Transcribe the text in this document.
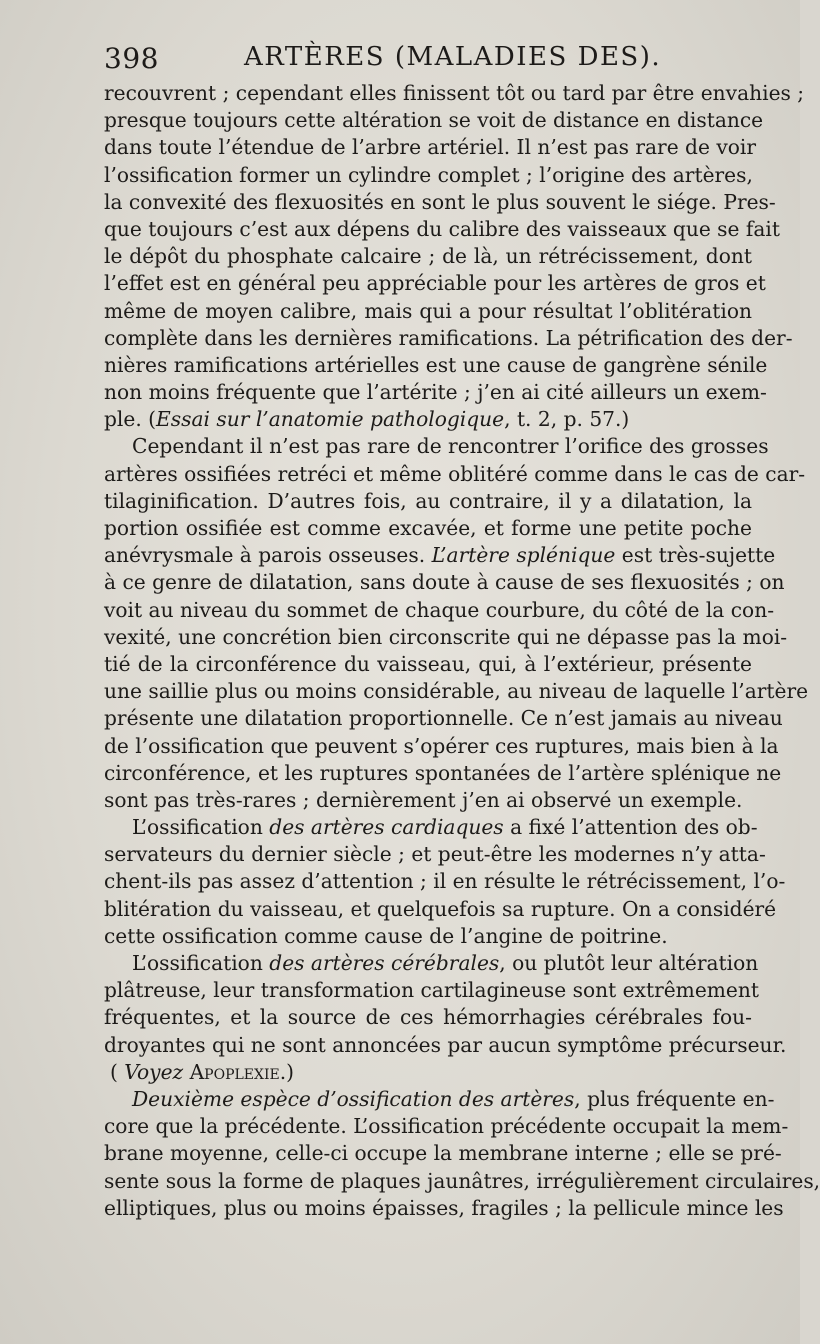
398	ARTÈRES (MALADIES DES).
recouvrent ; cependant elles finissent tôt ou tard par être envahies ;
presque toujours cette altération se voit de distance en distance
dans toute l’étendue de l’arbre artériel. Il n’est pas rare de voir
l’ossification former un cylindre complet ; l’origine des artères,
la convexité des flexuosités en sont le plus souvent le siége. Pres-
que toujours c’est aux dépens du calibre des vaisseaux que se fait
le dépôt du phosphate calcaire ; de là, un rétrécissement, dont
l’effet est en général peu appréciable pour les artères de gros et
même de moyen calibre, mais qui a pour résultat l’oblitération
complète dans les dernières ramifications. La pétrification des der-
nières ramifications artérielles est une cause de gangrène sénile
non moins fréquente que l’artérite ; j’en ai cité ailleurs un exem-
ple. (Essai sur l’anatomie pathologique, t. 2, p. 57.)
Cependant il n’est pas rare de rencontrer l’orifice des grosses
artères ossifiées retréci et même oblitéré comme dans le cas de car-
tilaginification. D’autres fois, au contraire, il y a dilatation, la
portion ossifiée est comme excavée, et forme une petite poche
anévrysmale à parois osseuses. L’artère splénique est très-sujette
à ce genre de dilatation, sans doute à cause de ses flexuosités ; on
voit au niveau du sommet de chaque courbure, du côté de la con-
vexité, une concrétion bien circonscrite qui ne dépasse pas la moi-
tié de la circonférence du vaisseau, qui, à l’extérieur, présente
une saillie plus ou moins considérable, au niveau de laquelle l’artère
présente une dilatation proportionnelle. Ce n’est jamais au niveau
de l’ossification que peuvent s’opérer ces ruptures, mais bien à la
circonférence, et les ruptures spontanées de l’artère splénique ne
sont pas très-rares ; dernièrement j’en ai observé un exemple.
L’ossification des artères cardiaques a fixé l’attention des ob-
servateurs du dernier siècle ; et peut-être les modernes n’y atta-
chent-ils pas assez d’attention ; il en résulte le rétrécissement, l’o-
blitération du vaisseau, et quelquefois sa rupture. On a considéré
cette ossification comme cause de l’angine de poitrine.
L’ossification des artères cérébrales, ou plutôt leur altération
plâtreuse, leur transformation cartilagineuse sont extrêmement
fréquentes, et la source de ces hémorrhagies cérébrales fou-
droyantes qui ne sont annoncées par aucun symptôme précurseur.
( Voyez Apoplexie.)
Deuxième espèce d’ossification des artères, plus fréquente en-
core que la précédente. L’ossification précédente occupait la mem-
brane moyenne, celle-ci occupe la membrane interne ; elle se pré-
sente sous la forme de plaques jaunâtres, irrégulièrement circulaires,
elliptiques, plus ou moins épaisses, fragiles ; la pellicule mince les
